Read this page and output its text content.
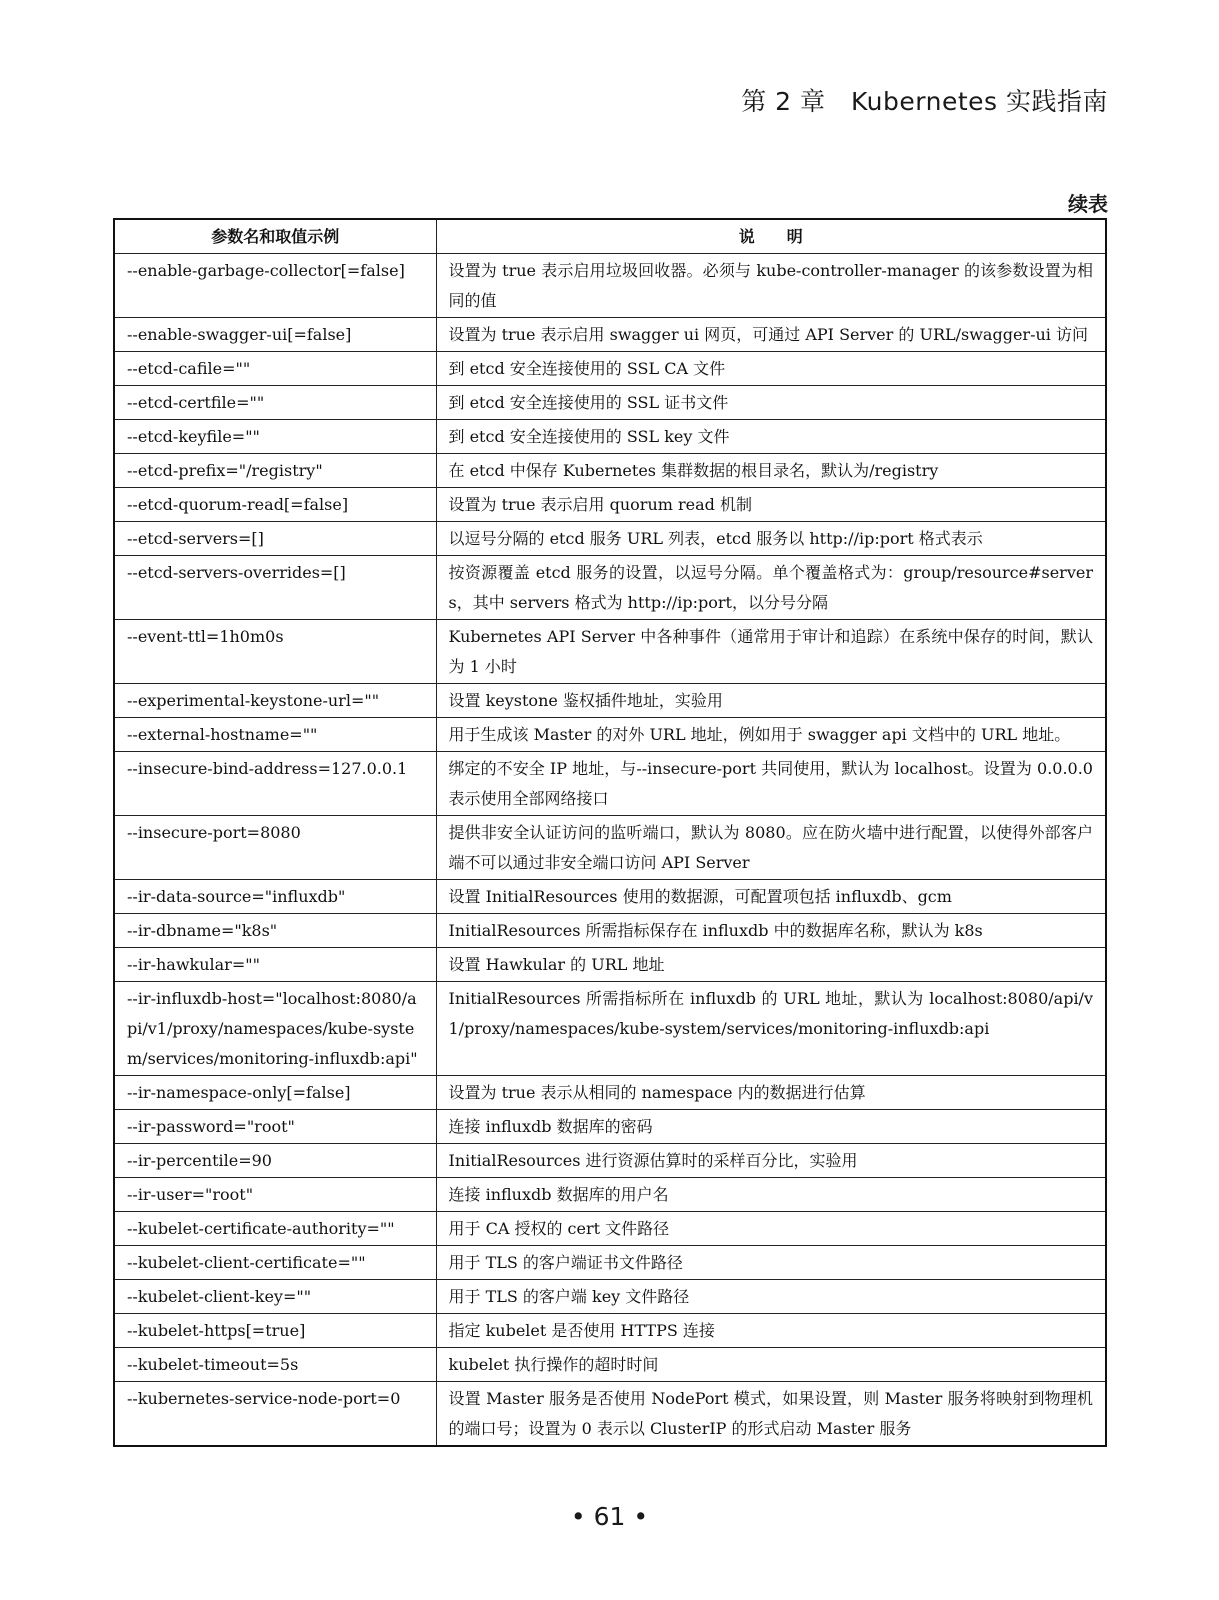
第 2 章　Kubernetes 实践指南
续表
参数名和取值示例	说　　明
--enable-garbage-collector[=false]	设置为 true 表示启用垃圾回收器。必须与 kube-controller-manager 的该参数设置为相同的值
--enable-swagger-ui[=false]	设置为 true 表示启用 swagger ui 网页，可通过 API Server 的 URL/swagger-ui 访问
--etcd-cafile=""	到 etcd 安全连接使用的 SSL CA 文件
--etcd-certfile=""	到 etcd 安全连接使用的 SSL 证书文件
--etcd-keyfile=""	到 etcd 安全连接使用的 SSL key 文件
--etcd-prefix="/registry"	在 etcd 中保存 Kubernetes 集群数据的根目录名，默认为/registry
--etcd-quorum-read[=false]	设置为 true 表示启用 quorum read 机制
--etcd-servers=[]	以逗号分隔的 etcd 服务 URL 列表，etcd 服务以 http://ip:port 格式表示
--etcd-servers-overrides=[]	按资源覆盖 etcd 服务的设置，以逗号分隔。单个覆盖格式为：group/resource#servers，其中 servers 格式为 http://ip:port，以分号分隔
--event-ttl=1h0m0s	Kubernetes API Server 中各种事件（通常用于审计和追踪）在系统中保存的时间，默认为 1 小时
--experimental-keystone-url=""	设置 keystone 鉴权插件地址，实验用
--external-hostname=""	用于生成该 Master 的对外 URL 地址，例如用于 swagger api 文档中的 URL 地址。
--insecure-bind-address=127.0.0.1	绑定的不安全 IP 地址，与--insecure-port 共同使用，默认为 localhost。设置为 0.0.0.0 表示使用全部网络接口
--insecure-port=8080	提供非安全认证访问的监听端口，默认为 8080。应在防火墙中进行配置，以使得外部客户端不可以通过非安全端口访问 API Server
--ir-data-source="influxdb"	设置 InitialResources 使用的数据源，可配置项包括 influxdb、gcm
--ir-dbname="k8s"	InitialResources 所需指标保存在 influxdb 中的数据库名称，默认为 k8s
--ir-hawkular=""	设置 Hawkular 的 URL 地址
--ir-influxdb-host="localhost:8080/api/v1/proxy/namespaces/kube-system/services/monitoring-influxdb:api"	InitialResources 所需指标所在 influxdb 的 URL 地址，默认为 localhost:8080/api/v1/proxy/namespaces/kube-system/services/monitoring-influxdb:api
--ir-namespace-only[=false]	设置为 true 表示从相同的 namespace 内的数据进行估算
--ir-password="root"	连接 influxdb 数据库的密码
--ir-percentile=90	InitialResources 进行资源估算时的采样百分比，实验用
--ir-user="root"	连接 influxdb 数据库的用户名
--kubelet-certificate-authority=""	用于 CA 授权的 cert 文件路径
--kubelet-client-certificate=""	用于 TLS 的客户端证书文件路径
--kubelet-client-key=""	用于 TLS 的客户端 key 文件路径
--kubelet-https[=true]	指定 kubelet 是否使用 HTTPS 连接
--kubelet-timeout=5s	kubelet 执行操作的超时时间
--kubernetes-service-node-port=0	设置 Master 服务是否使用 NodePort 模式，如果设置，则 Master 服务将映射到物理机的端口号；设置为 0 表示以 ClusterIP 的形式启动 Master 服务
• 61 •
